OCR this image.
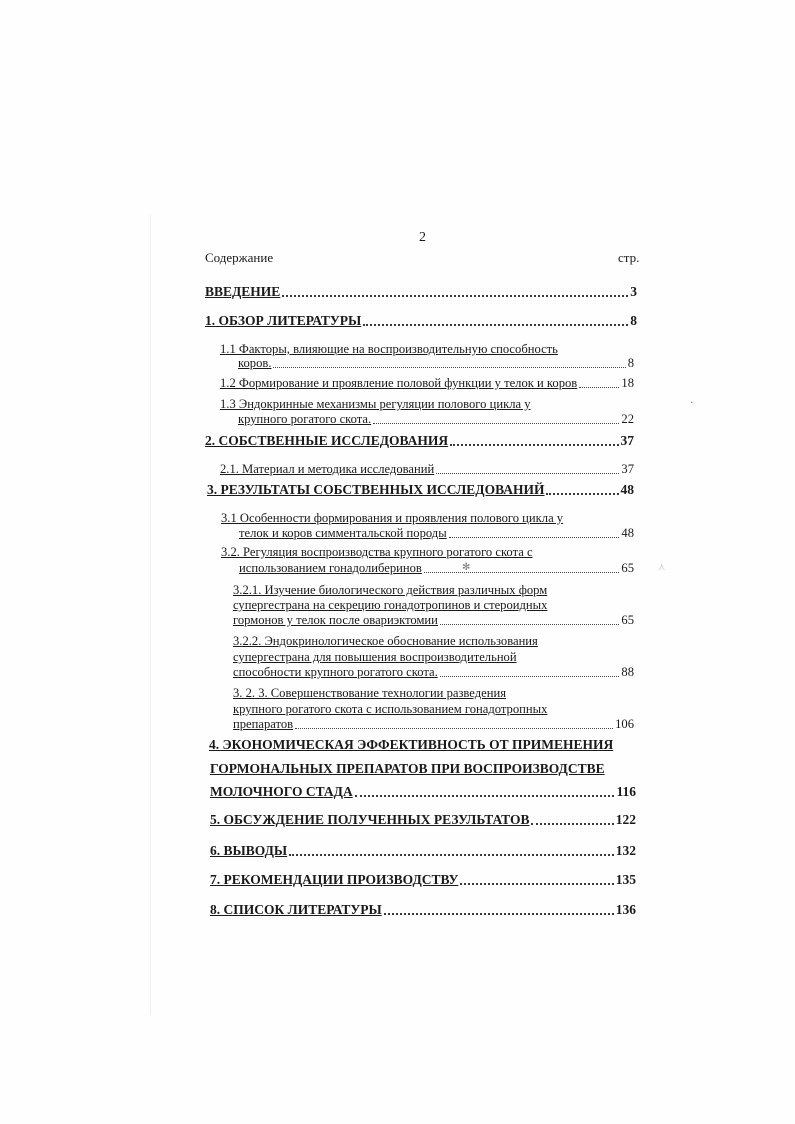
2
Содержание	стр.
ВВЕДЕНИЕ	3
1. ОБЗОР ЛИТЕРАТУРЫ	8
1.1 Факторы, влияющие на воспроизводительную способность
коров.	8
1.2 Формирование и проявление половой функции у телок и коров	18
1.3 Эндокринные механизмы регуляции полового цикла у
крупного рогатого скота.	22
2. СОБСТВЕННЫЕ ИССЛЕДОВАНИЯ	37
2.1. Материал и методика исследований	37
3. РЕЗУЛЬТАТЫ СОБСТВЕННЫХ ИССЛЕДОВАНИЙ	48
3.1 Особенности формирования и проявления полового цикла у
телок и коров симментальской породы	48
3.2. Регуляция воспроизводства крупного рогатого скота с
использованием гонадолиберинов	65
3.2.1. Изучение биологического действия различных форм
супергестрана на секрецию гонадотропинов и стероидных
гормонов у телок после овариэктомии	65
3.2.2. Эндокринологическое обоснование использования
супергестрана для повышения воспроизводительной
способности крупного рогатого скота.	88
3. 2. 3. Совершенствование технологии разведения
крупного рогатого скота с использованием гонадотропных
препаратов	106
4. ЭКОНОМИЧЕСКАЯ ЭФФЕКТИВНОСТЬ ОТ ПРИМЕНЕНИЯ
ГОРМОНАЛЬНЫХ ПРЕПАРАТОВ ПРИ ВОСПРОИЗВОДСТВЕ
МОЛОЧНОГО СТАДА	116
5. ОБСУЖДЕНИЕ ПОЛУЧЕННЫХ РЕЗУЛЬТАТОВ	122
6. ВЫВОДЫ	132
7. РЕКОМЕНДАЦИИ ПРОИЗВОДСТВУ	135
8. СПИСОК ЛИТЕРАТУРЫ	136
✻
·
⋏
